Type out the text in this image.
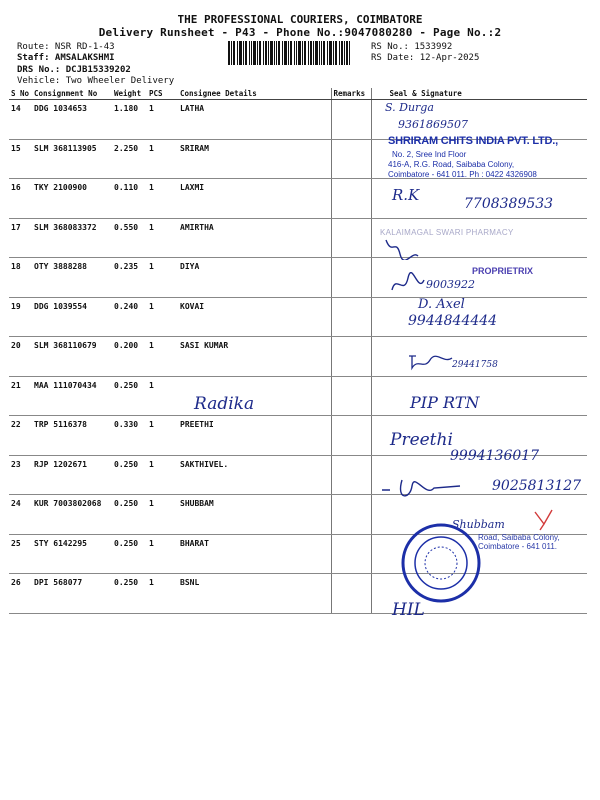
THE PROFESSIONAL COURIERS, COIMBATORE
Delivery Runsheet - P43 - Phone No.:9047080280 - Page No.:2
Route: NSR RD-1-43
Staff: AMSALAKSHMI
DRS No.: DCJB15339202
Vehicle: Two Wheeler Delivery
RS No.: 1533992
RS Date: 12-Apr-2025
S No	Consignment No	Weight	PCS	Consignee Details	Remarks	Seal & Signature
14	DDG 1034653	1.180	1	LATHA		
15	SLM 368113905	2.250	1	SRIRAM		
16	TKY 2100900	0.110	1	LAXMI		
17	SLM 368083372	0.550	1	AMIRTHA		
18	OTY 3888288	0.235	1	DIYA		
19	DDG 1039554	0.240	1	KOVAI		
20	SLM 368110679	0.200	1	SASI KUMAR		
21	MAA 111070434	0.250	1			
22	TRP 5116378	0.330	1	PREETHI		
23	RJP 1202671	0.250	1	SAKTHIVEL.		
24	KUR 7003802068	0.250	1	SHUBBAM		
25	STY 6142295	0.250	1	BHARAT		
26	DPI 568077	0.250	1	BSNL		
S. Durga
9361869507
SHRIRAM CHITS INDIA PVT. LTD.,
No. 2, Sree Ind Floor
416-A, R.G. Road, Saibaba Colony,
Coimbatore - 641 011. Ph : 0422 4326908
R.K	7708389533
KALAIMAGAL SWARI PHARMACY
PROPRIETRIX
9003922
D. Axel
9944844444
29441758
Radika	PIP RTN
Preethi
9994136017
9025813127
Shubbam
Road, Saibaba Colony, Coimbatore - 641 011.
HIL
